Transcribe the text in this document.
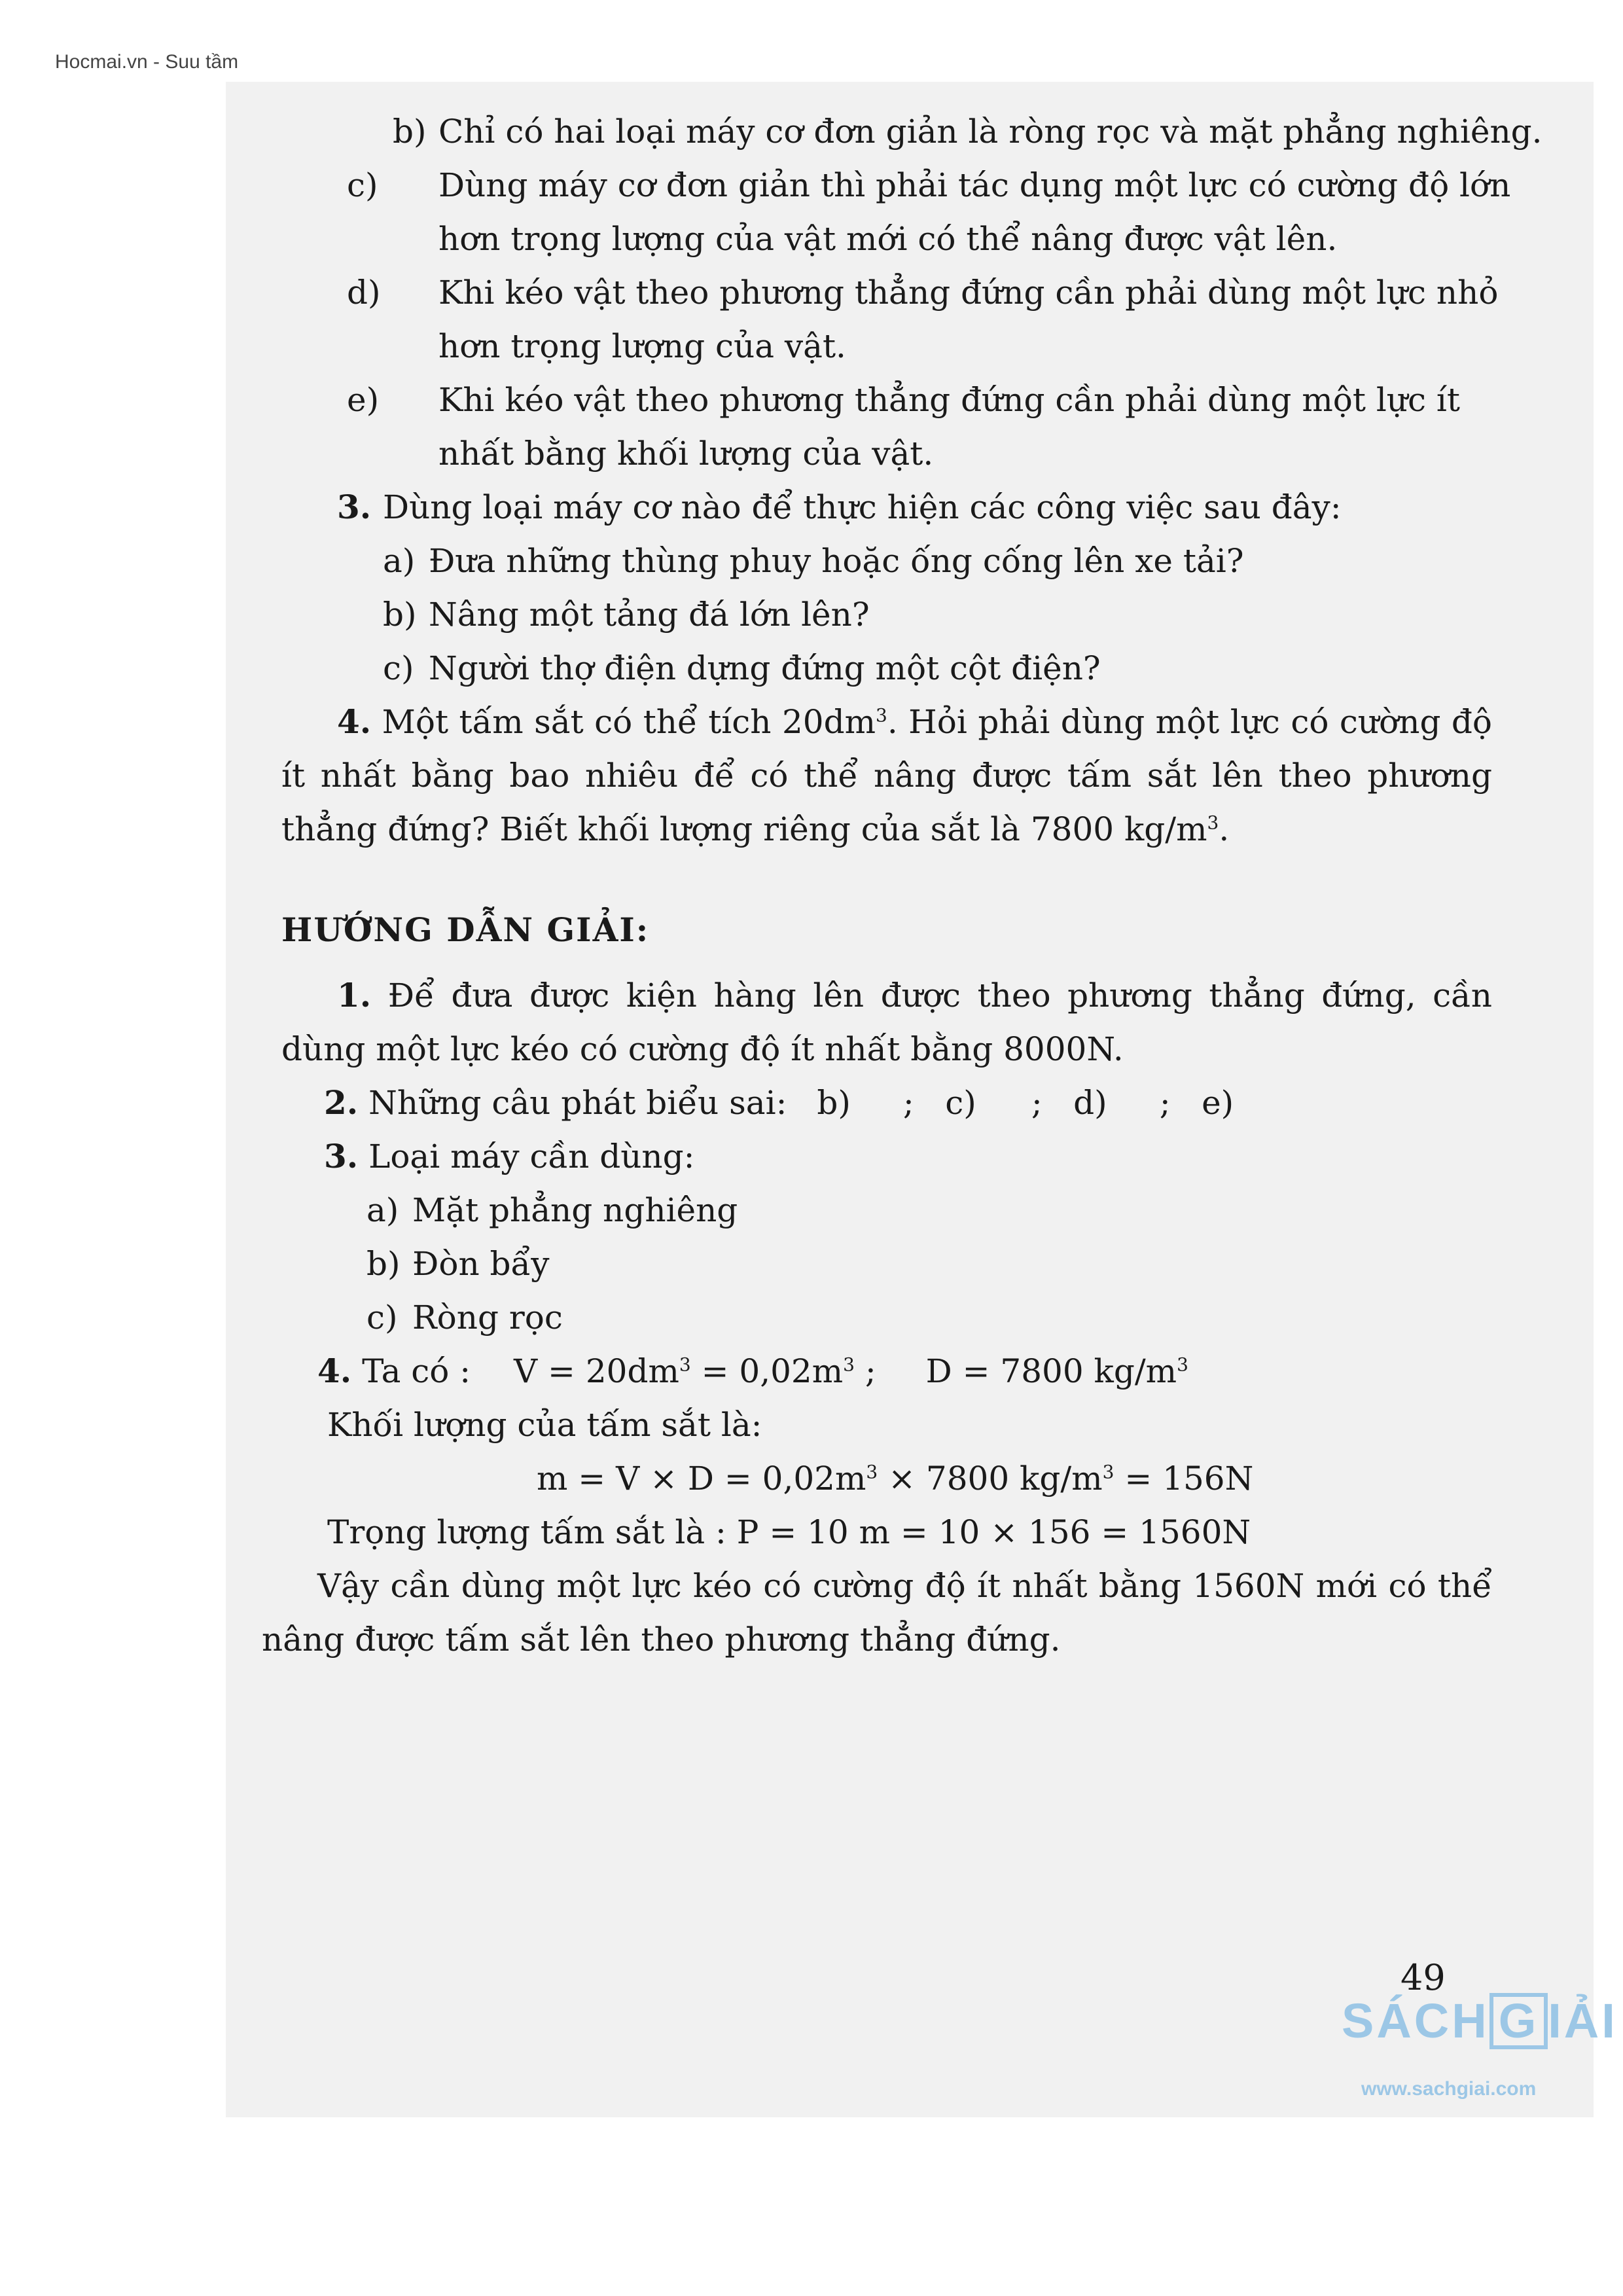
Hocmai.vn - Suu tầm
b) Chỉ có hai loại máy cơ đơn giản là ròng rọc và mặt phẳng nghiêng.
c) Dùng máy cơ đơn giản thì phải tác dụng một lực có cường độ lớn hơn trọng lượng của vật mới có thể nâng được vật lên.
d) Khi kéo vật theo phương thẳng đứng cần phải dùng một lực nhỏ hơn trọng lượng của vật.
e) Khi kéo vật theo phương thẳng đứng cần phải dùng một lực ít nhất bằng khối lượng của vật.
3. Dùng loại máy cơ nào để thực hiện các công việc sau đây:
a) Đưa những thùng phuy hoặc ống cống lên xe tải?
b) Nâng một tảng đá lớn lên?
c) Người thợ điện dựng đứng một cột điện?
4. Một tấm sắt có thể tích $20dm^3$. Hỏi phải dùng một lực có cường độ ít nhất bằng bao nhiêu để có thể nâng được tấm sắt lên theo phương thẳng đứng? Biết khối lượng riêng của sắt là 7800 $kg/m^3$.
HƯỚNG DẪN GIẢI:
1. Để đưa được kiện hàng lên được theo phương thẳng đứng, cần dùng một lực kéo có cường độ ít nhất bằng 8000N.
2. Những câu phát biểu sai: b) ; c) ; d) ; e)
3. Loại máy cần dùng:
a) Mặt phẳng nghiêng
b) Đòn bẩy
c) Ròng rọc
4. Ta có : $V = 20dm^3 = 0,02m^3$ ; D = 7800 $kg/m^3$
Khối lượng của tấm sắt là:
$m = V \times D = 0,02m^3 \times 7800$ $kg/m^3 = 156N$
Trọng lượng tấm sắt là : P = 10 m = 10 × 156 = 1560N
Vậy cần dùng một lực kéo có cường độ ít nhất bằng 1560N mới có thể nâng được tấm sắt lên theo phương thẳng đứng.
49
SÁCH G IẢI
www.sachgiai.com
